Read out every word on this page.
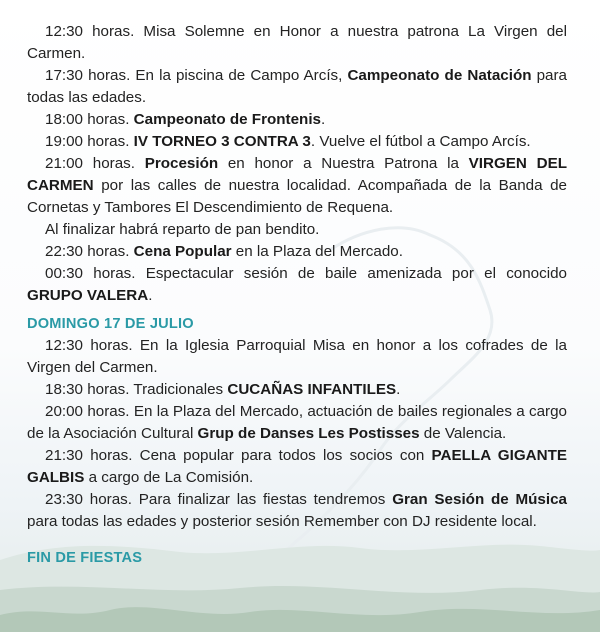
12:30 horas. Misa Solemne en Honor a nuestra patrona La Virgen del Carmen.

17:30 horas. En la piscina de Campo Arcís, Campeonato de Natación para todas las edades.

18:00 horas. Campeonato de Frontenis.

19:00 horas. IV TORNEO 3 CONTRA 3. Vuelve el fútbol a Campo Arcís.

21:00 horas. Procesión en honor a Nuestra Patrona la VIRGEN DEL CARMEN por las calles de nuestra localidad. Acompañada de la Banda de Cornetas y Tambores El Descendimiento de Requena.

Al finalizar habrá reparto de pan bendito.

22:30 horas. Cena Popular en la Plaza del Mercado.

00:30 horas. Espectacular sesión de baile amenizada por el conocido GRUPO VALERA.

DOMINGO 17 DE JULIO

12:30 horas. En la Iglesia Parroquial Misa en honor a los cofrades de la Virgen del Carmen.

18:30 horas. Tradicionales CUCAÑAS INFANTILES.

20:00 horas. En la Plaza del Mercado, actuación de bailes regionales a cargo de la Asociación Cultural Grup de Danses Les Postisses de Valencia.

21:30 horas. Cena popular para todos los socios con PAELLA GIGANTE GALBIS a cargo de La Comisión.

23:30 horas. Para finalizar las fiestas tendremos Gran Sesión de Música para todas las edades y posterior sesión Remember con DJ residente local.

FIN DE FIESTAS
